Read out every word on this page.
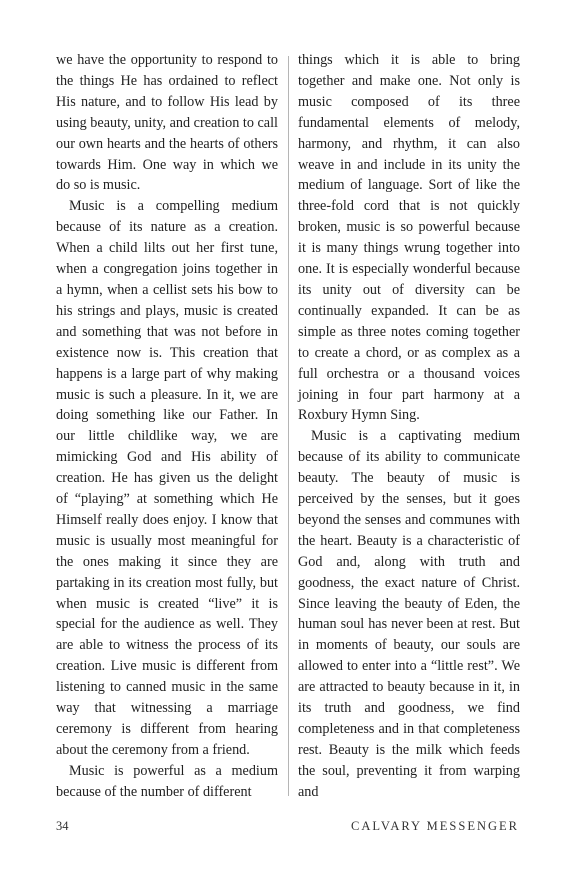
we have the opportunity to respond to the things He has ordained to reflect His nature, and to follow His lead by using beauty, unity, and creation to call our own hearts and the hearts of others towards Him. One way in which we do so is music.

Music is a compelling medium because of its nature as a creation. When a child lilts out her first tune, when a congregation joins together in a hymn, when a cellist sets his bow to his strings and plays, music is created and something that was not before in existence now is. This creation that happens is a large part of why making music is such a pleasure. In it, we are doing something like our Father. In our little childlike way, we are mimicking God and His ability of creation. He has given us the delight of “playing” at something which He Himself really does enjoy. I know that music is usually most meaningful for the ones making it since they are partaking in its creation most fully, but when music is created “live” it is special for the audience as well. They are able to witness the process of its creation. Live music is different from listening to canned music in the same way that witnessing a marriage ceremony is different from hearing about the ceremony from a friend.

Music is powerful as a medium because of the number of different

things which it is able to bring together and make one. Not only is music composed of its three fundamental elements of melody, harmony, and rhythm, it can also weave in and include in its unity the medium of language. Sort of like the three-fold cord that is not quickly broken, music is so powerful because it is many things wrung together into one. It is especially wonderful because its unity out of diversity can be continually expanded. It can be as simple as three notes coming together to create a chord, or as complex as a full orchestra or a thousand voices joining in four part harmony at a Roxbury Hymn Sing.

Music is a captivating medium because of its ability to communicate beauty. The beauty of music is perceived by the senses, but it goes beyond the senses and communes with the heart. Beauty is a characteristic of God and, along with truth and goodness, the exact nature of Christ. Since leaving the beauty of Eden, the human soul has never been at rest. But in moments of beauty, our souls are allowed to enter into a “little rest”. We are attracted to beauty because in it, in its truth and goodness, we find completeness and in that completeness rest. Beauty is the milk which feeds the soul, preventing it from warping and

34	CALVARY MESSENGER
